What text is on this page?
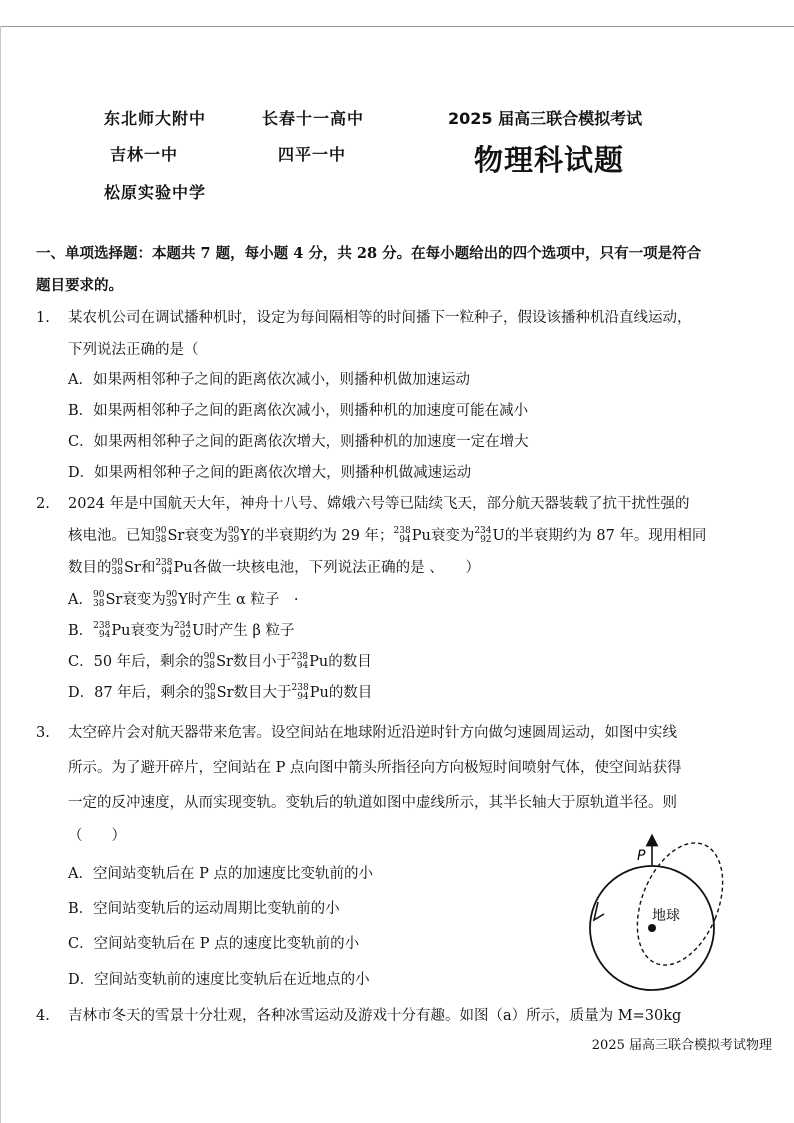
东北师大附中	长春十一高中
吉林一中	四平一中
松原实验中学
2025 届高三联合模拟考试
物理科试题
一、单项选择题：本题共 7 题，每小题 4 分，共 28 分。在每小题给出的四个选项中，只有一项是符合
题目要求的。
1. 某农机公司在调试播种机时，设定为每间隔相等的时间播下一粒种子，假设该播种机沿直线运动，
下列说法正确的是（
A．如果两相邻种子之间的距离依次减小，则播种机做加速运动
B．如果两相邻种子之间的距离依次减小，则播种机的加速度可能在减小
C．如果两相邻种子之间的距离依次增大，则播种机的加速度一定在增大
D．如果两相邻种子之间的距离依次增大，则播种机做减速运动
2. 2024 年是中国航天大年，神舟十八号、嫦娥六号等已陆续飞天，部分航天器装载了抗干扰性强的
核电池。已知 90
38 Sr 衰变为 90
39 Y 的半衰期约为 29 年； 238
94 Pu 衰变为 234
92 U 的半衰期约为 87 年。现用相同
数目的 90
38 Sr 和 238
94 Pu 各做一块核电池，下列说法正确的是 、　　）
A． 90
38 Sr 衰变为 90
39 Y 时产生 α 粒子　·
B． 238
94 Pu 衰变为 234
92 U 时产生 β 粒子
C．50 年后，剩余的 90
38 Sr 数目小于 238
94 Pu 的数目
D．87 年后，剩余的 90
38 Sr 数目大于 238
94 Pu 的数目
3. 太空碎片会对航天器带来危害。设空间站在地球附近沿逆时针方向做匀速圆周运动，如图中实线
所示。为了避开碎片，空间站在 P 点向图中箭头所指径向方向极短时间喷射气体，使空间站获得
一定的反冲速度，从而实现变轨。变轨后的轨道如图中虚线所示，其半长轴大于原轨道半径。则
（　　）
A．空间站变轨后在 P 点的加速度比变轨前的小
B．空间站变轨后的运动周期比变轨前的小
C．空间站变轨后在 P 点的速度比变轨前的小
D．空间站变轨前的速度比变轨后在近地点的小
P
地球
4. 吉林市冬天的雪景十分壮观，各种冰雪运动及游戏十分有趣。如图（a）所示，质量为 M=30kg
2025 届高三联合模拟考试物理
